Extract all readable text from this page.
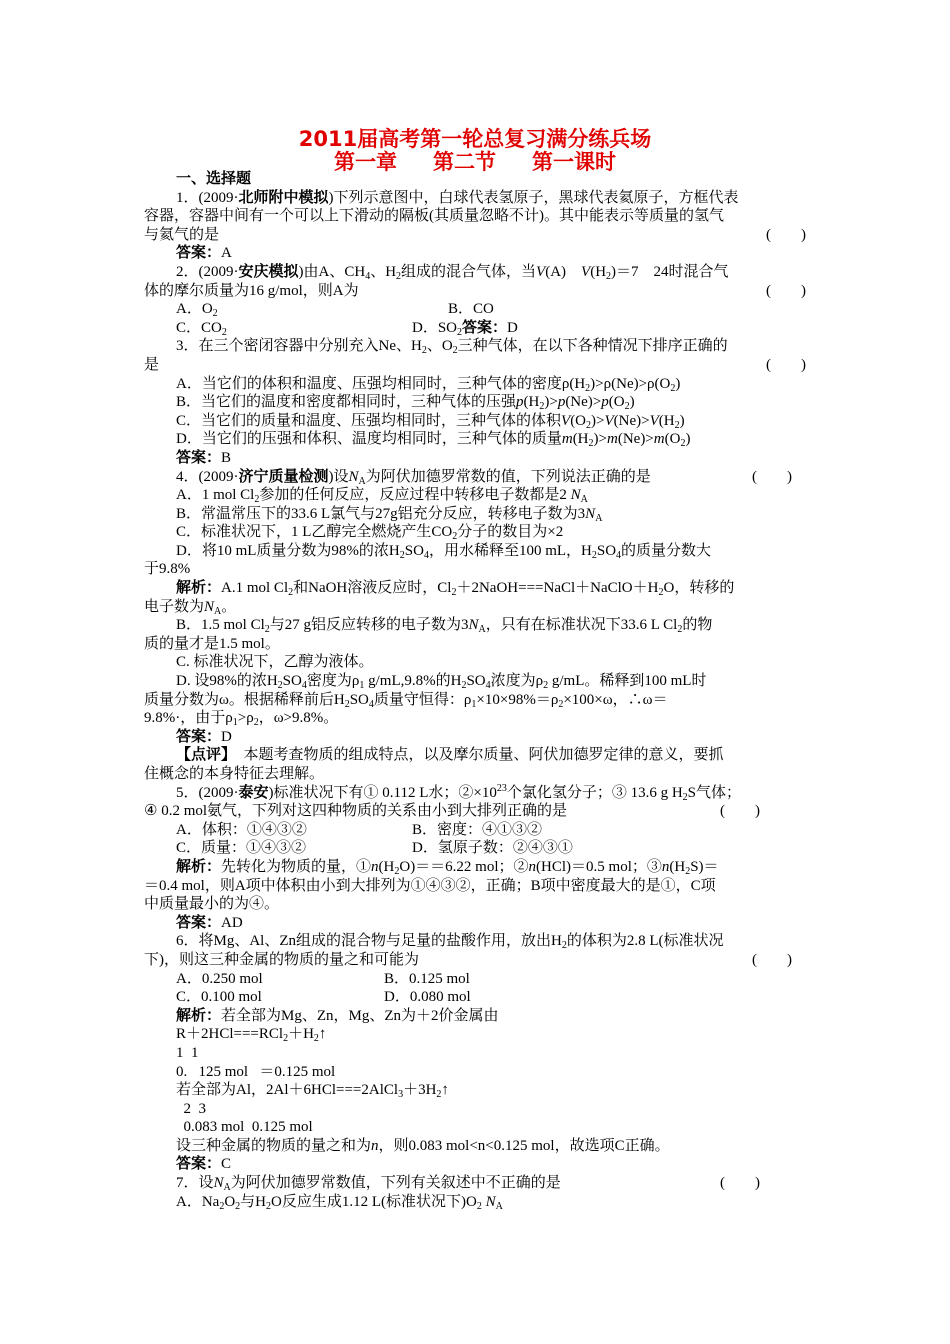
2011届高考第一轮总复习满分练兵场
第一章 第二节 第一课时
一、选择题
1．(2009·北师附中模拟)下列示意图中，白球代表氢原子，黑球代表氦原子，方框代表
容器，容器中间有一个可以上下滑动的隔板(其质量忽略不计)。其中能表示等质量的氢气
与氦气的是	(　　)
答案：A
2．(2009·安庆模拟)由A、$CH_4$、$H_2$组成的混合气体，当V(A)　$V(H_2)=7$　24时混合气
体的摩尔质量为16 g/mol，则A为	(　　)
A．$O_2$	B．CO
C．$CO_2$	D．$SO_2$答案：D
3．在三个密闭容器中分别充入Ne、$H_2$、$O_2$三种气体，在以下各种情况下排序正确的
是	(　　)
A．当它们的体积和温度、压强均相同时，三种气体的密度$\rho(H_2)>\rho(Ne)>\rho(O_2)$
B．当它们的温度和密度都相同时，三种气体的压强$p(H_2)>p(Ne)>p(O_2)$
C．当它们的质量和温度、压强均相同时，三种气体的体积$V(O_2)>V(Ne)>V(H_2)$
D．当它们的压强和体积、温度均相同时，三种气体的质量$m(H_2)>m(Ne)>m(O_2)$
答案：B
4．(2009·济宁质量检测)设$N_A$为阿伏加德罗常数的值，下列说法正确的是	(　　)
A．1 mol $Cl_2$参加的任何反应，反应过程中转移电子数都是2 $N_A$
B．常温常压下的33.6 L氯气与27g铝充分反应，转移电子数为$3N_A$
C．标准状况下，1 L乙醇完全燃烧产生$CO_2$分子的数目为×2
D．将10 mL质量分数为98%的浓$H_2SO_4$，用水稀释至100 mL，$H_2SO_4$的质量分数大
于9.8%
解析：A.1 mol $Cl_2$和NaOH溶液反应时，$Cl_2+2NaOH===NaCl+NaClO+H_2O$，转移的
电子数为$N_A$。
B．1.5 mol $Cl_2$与27 g铝反应转移的电子数为$3N_A$，只有在标准状况下33.6 L $Cl_2$的物
质的量才是1.5 mol。
C. 标准状况下，乙醇为液体。
D. 设98%的浓$H_2SO_4$密度为$\rho_1$ g/mL,9.8%的$H_2SO_4$浓度为$\rho_2$ g/mL。稀释到100 mL时
质量分数为ω。根据稀释前后$H_2SO_4$质量守恒得：$\rho_1\times 10\times 98\%=\rho_2\times 100\times\omega$，∴ω＝
9.8%·，由于$\rho_1>\rho_2$，ω>9.8%。
答案：D
【点评】　本题考查物质的组成特点，以及摩尔质量、阿伏加德罗定律的意义，要抓
住概念的本身特征去理解。
5．(2009·泰安)标准状况下有① 0.112 L水；$②\times 10^{23}$个氯化氢分子；③ 13.6 g $H_2S$气体；
④ 0.2 mol氨气，下列对这四种物质的关系由小到大排列正确的是	(　　)
A．体积：①④③②	B．密度：④①③②
C．质量：①④③②	D．氢原子数：②④③①
解析：先转化为物质的量，$①n(H_2O)==6.22$ mol；②n(HCl)＝0.5 mol；$③n(H_2S)=$
＝0.4 mol，则A项中体积由小到大排列为①④③②，正确；B项中密度最大的是①，C项
中质量最小的为④。
答案：AD
6．将Mg、Al、Zn组成的混合物与足量的盐酸作用，放出$H_2$的体积为2.8 L(标准状况
下)，则这三种金属的物质的量之和可能为	(　　)
A．0.250 mol	B．0.125 mol
C．0.100 mol	D．0.080 mol
解析：若全部为Mg、Zn，Mg、Zn为＋2价金属由
$R+2HCl===RCl_2+H_2↑$
1  1
0.   125 mol   ＝0.125 mol
若全部为Al，$2Al+6HCl===2AlCl_3+3H_2↑$
2  3
0.083 mol  0.125 mol
设三种金属的物质的量之和为n，则0.083 mol<n<0.125 mol，故选项C正确。
答案：C
7．设$N_A$为阿伏加德罗常数值，下列有关叙述中不正确的是	(　　)
A．$Na_2O_2$与$H_2O$反应生成1.12 L(标准状况下)$O_2$ $N_A$
